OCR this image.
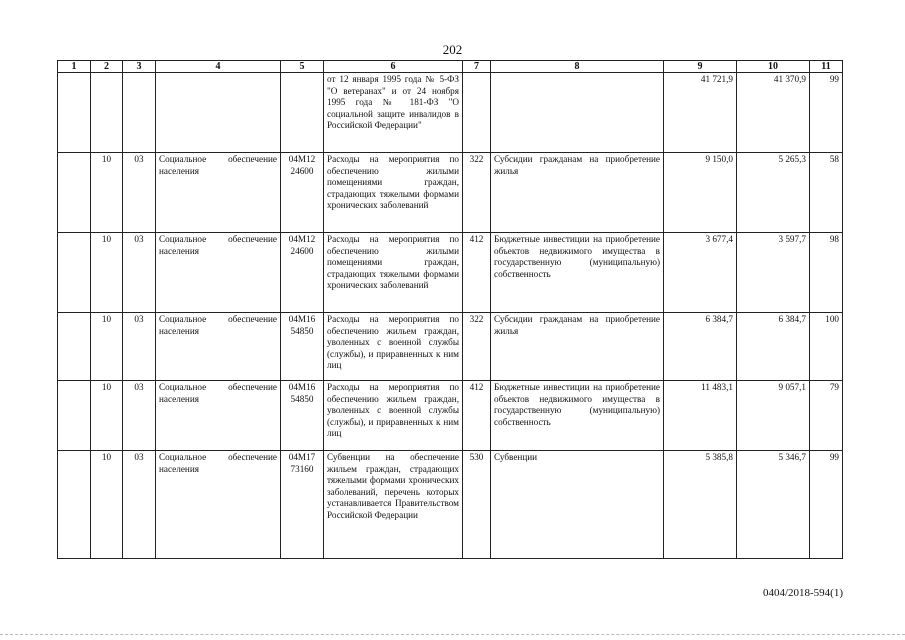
202
1	2	3	4	5	6	7	8	9	10	11
					от 12 января 1995 года № 5-ФЗ "О ветеранах" и от 24 ноября 1995 года № 181-ФЗ "О социальной защите инвалидов в Российской Федерации"			41 721,9	41 370,9	99
	10	03	Социальное обеспечение населения	04М12 24600	Расходы на мероприятия по обеспечению жилыми помещениями граждан, страдающих тяжелыми формами хронических заболеваний	322	Субсидии гражданам на приобретение жилья	9 150,0	5 265,3	58
	10	03	Социальное обеспечение населения	04М12 24600	Расходы на мероприятия по обеспечению жилыми помещениями граждан, страдающих тяжелыми формами хронических заболеваний	412	Бюджетные инвестиции на приобретение объектов недвижимого имущества в государственную (муниципальную) собственность	3 677,4	3 597,7	98
	10	03	Социальное обеспечение населения	04М16 54850	Расходы на мероприятия по обеспечению жильем граждан, уволенных с военной службы (службы), и приравненных к ним лиц	322	Субсидии гражданам на приобретение жилья	6 384,7	6 384,7	100
	10	03	Социальное обеспечение населения	04М16 54850	Расходы на мероприятия по обеспечению жильем граждан, уволенных с военной службы (службы), и приравненных к ним лиц	412	Бюджетные инвестиции на приобретение объектов недвижимого имущества в государственную (муниципальную) собственность	11 483,1	9 057,1	79
	10	03	Социальное обеспечение населения	04М17 73160	Субвенции на обеспечение жильем граждан, страдающих тяжелыми формами хронических заболеваний, перечень которых устанавливается Правительством Российской Федерации	530	Субвенции	5 385,8	5 346,7	99
0404/2018-594(1)
